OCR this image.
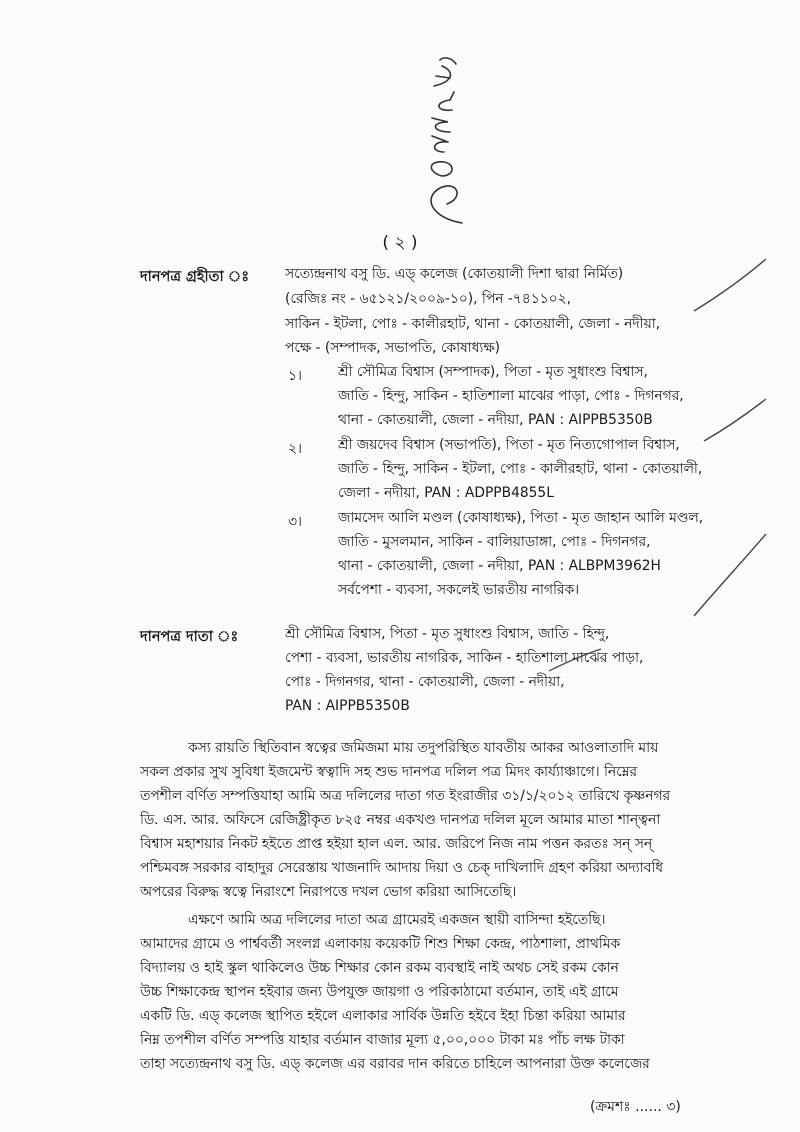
( ২ )
দানপত্র গ্রহীতা ঃ	সত্যেন্দ্রনাথ বসু ডি. এড্ কলেজ (কোতয়ালী দিশা দ্বারা নির্মিত)
(রেজিঃ নং - ৬৫১২১/২০০৯-১০), পিন -৭৪১১০২,
সাকিন - ইটলা, পোঃ - কালীরহাট, থানা - কোতয়ালী, জেলা - নদীয়া,
পক্ষে - (সম্পাদক, সভাপতি, কোষাধ্যক্ষ)
১।	শ্রী সৌমিত্র বিশ্বাস (সম্পাদক), পিতা - মৃত সুধাংশু বিশ্বাস,
জাতি - হিন্দু, সাকিন - হাতিশালা মাঝের পাড়া, পোঃ - দিগনগর,
থানা - কোতয়ালী, জেলা - নদীয়া, PAN : AIPPB5350B
২।	শ্রী জয়দেব বিশ্বাস (সভাপতি), পিতা - মৃত নিত্যগোপাল বিশ্বাস,
জাতি - হিন্দু, সাকিন - ইটলা, পোঃ - কালীরহাট, থানা - কোতয়ালী,
জেলা - নদীয়া, PAN : ADPPB4855L
৩।	জামসেদ আলি মণ্ডল (কোষাধ্যক্ষ), পিতা - মৃত জাহান আলি মণ্ডল,
জাতি - মুসলমান, সাকিন - বালিয়াডাঙ্গা, পোঃ - দিগনগর,
থানা - কোতয়ালী, জেলা - নদীয়া, PAN : ALBPM3962H
সর্বপেশা - ব্যবসা, সকলেই ভারতীয় নাগরিক।
দানপত্র দাতা ঃ	শ্রী সৌমিত্র বিশ্বাস, পিতা - মৃত সুধাংশু বিশ্বাস, জাতি - হিন্দু,
পেশা - ব্যবসা, ভারতীয় নাগরিক, সাকিন - হাতিশালা মাঝের পাড়া,
পোঃ - দিগনগর, থানা - কোতয়ালী, জেলা - নদীয়া,
PAN : AIPPB5350B
কস্য রায়তি স্থিতিবান স্বত্বের জমিজমা মায় তদুপরিস্থিত যাবতীয় আকর আওলাতাদি মায়
সকল প্রকার সুখ সুবিধা ইজমেন্ট স্বত্বাদি সহ শুভ দানপত্র দলিল পত্র মিদং কার্য্যাঞ্চাগে। নিম্নের
তপশীল বর্ণিত সম্পত্তিযাহা আমি অত্র দলিলের দাতা গত ইংরাজীর ৩১/১/২০১২ তারিখে কৃষ্ণনগর
ডি. এস. আর. অফিসে রেজিষ্ট্রীকৃত ৮২৫ নম্বর একখণ্ড দানপত্র দলিল মূলে আমার মাতা শান্ত্বনা
বিশ্বাস মহাশয়ার নিকট হইতে প্রাপ্ত হইয়া হাল এল. আর. জরিপে নিজ নাম পত্তন করতঃ সন্ সন্
পশ্চিমবঙ্গ সরকার বাহাদুর সেরেস্তায় খাজনাদি আদায় দিয়া ও চেক্ দাখিলাদি গ্রহণ করিয়া অদ্যাবধি
অপরের বিরুদ্ধ স্বত্বে নিরাংশে নিরাপত্তে দখল ভোগ করিয়া আসিতেছি।
এক্ষণে আমি অত্র দলিলের দাতা অত্র গ্রামেরই একজন স্থায়ী বাসিন্দা হইতেছি।
আমাদের গ্রামে ও পার্শ্ববর্তী সংলগ্ন এলাকায় কয়েকটি শিশু শিক্ষা কেন্দ্র, পাঠশালা, প্রাথমিক
বিদ্যালয় ও হাই স্কুল থাকিলেও উচ্চ শিক্ষার কোন রকম ব্যবস্থাই নাই অথচ সেই রকম কোন
উচ্চ শিক্ষাকেন্দ্র স্থাপন হইবার জন্য উপযুক্ত জায়গা ও পরিকাঠামো বর্তমান, তাই এই গ্রামে
একটি ডি. এড্ কলেজ স্থাপিত হইলে এলাকার সার্বিক উন্নতি হইবে ইহা চিন্তা করিয়া আমার
নিম্ন তপশীল বর্ণিত সম্পত্তি যাহার বর্তমান বাজার মূল্য ৫,০০,০০০ টাকা মঃ পাঁচ লক্ষ টাকা
তাহা সত্যেন্দ্রনাথ বসু ডি. এড্ কলেজ এর বরাবর দান করিতে চাহিলে আপনারা উক্ত কলেজের
(ক্রমশঃ ...... ৩)
